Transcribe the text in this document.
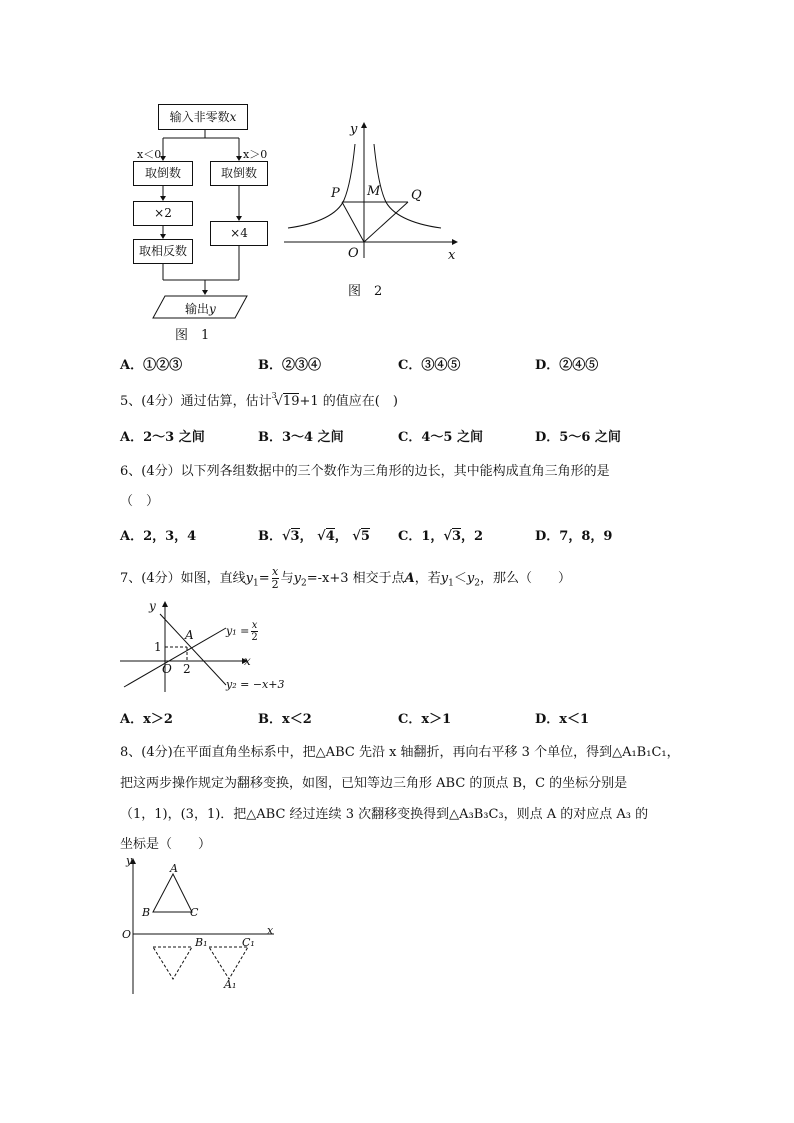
输入非零数x
x＜0	x＞0
取倒数	取倒数
×2
×4
取相反数
输出y
图　1
y
x
P M Q
O
图　2
A．①②③	B．②③④	C．③④⑤	D．②④⑤
5、(4分）通过估算，估计 3
√19+1 的值应在(　)
A．2～3 之间	B．3～4 之间	C．4～5 之间	D．5～6 之间
6、(4分）以下列各组数据中的三个数作为三角形的边长，其中能构成直角三角形的是
（　）
A．2，3，4	B．√3， √4， √5 C．1，√3，2	D．7，8，9
7、(4分）如图，直线$y_1= \frac{x}{2}$ 与$y_2=-x+3$ 相交于点A，若$y_1<y_2$，那么（　　）
y
x
O
1
2
A	$y_1 = \frac{x}{2}$
y₂ = −x+3
A．x＞2	B．x＜2	C．x＞1	D．x＜1
8、(4分)在平面直角坐标系中，把△ABC 先沿 x 轴翻折，再向右平移 3 个单位，得到△A₁B₁C₁，
把这两步操作规定为翻移变换，如图，已知等边三角形 ABC 的顶点 B，C 的坐标分别是
（1，1)，(3，1)．把△ABC 经过连续 3 次翻移变换得到△A₃B₃C₃，则点 A 的对应点 A₃ 的
坐标是（　　）
y
x
O
A
B	C
B₁	C₁
A₁
